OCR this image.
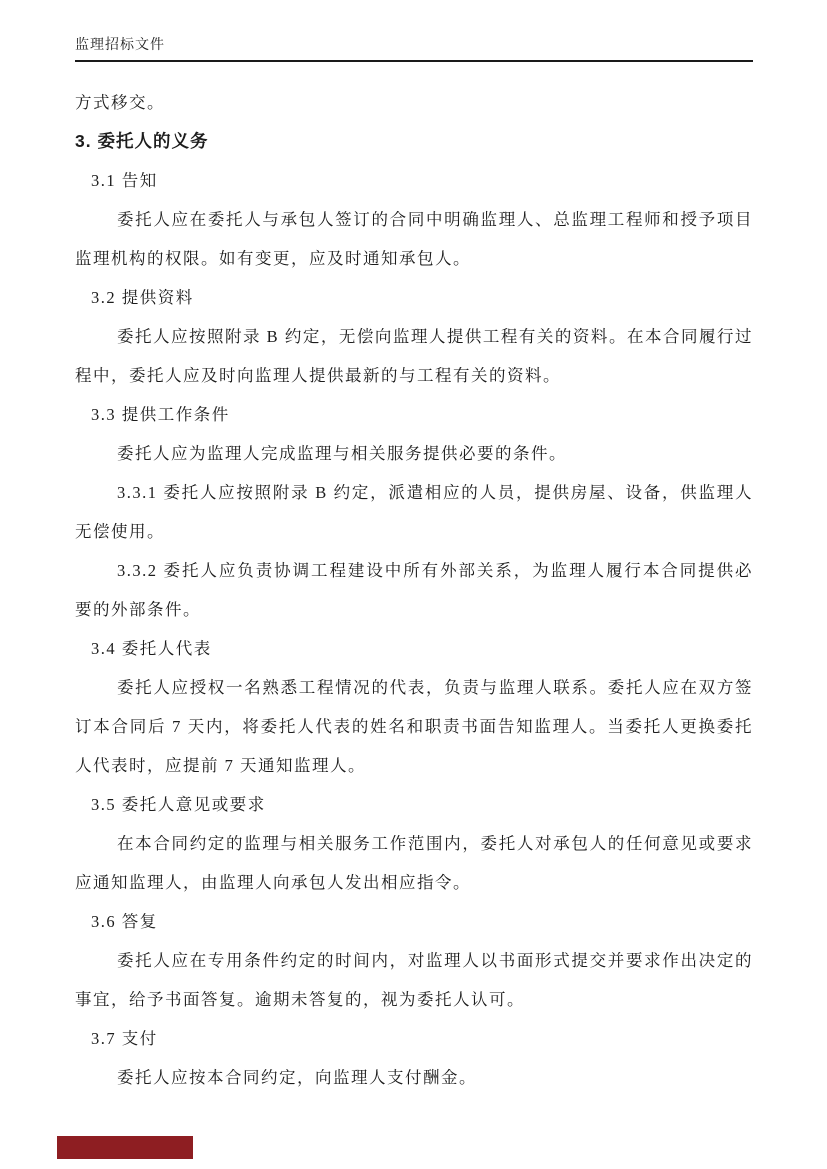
监理招标文件
方式移交。
3. 委托人的义务
3.1 告知
委托人应在委托人与承包人签订的合同中明确监理人、总监理工程师和授予项目监理机构的权限。如有变更，应及时通知承包人。
3.2 提供资料
委托人应按照附录 B 约定，无偿向监理人提供工程有关的资料。在本合同履行过程中，委托人应及时向监理人提供最新的与工程有关的资料。
3.3 提供工作条件
委托人应为监理人完成监理与相关服务提供必要的条件。
3.3.1 委托人应按照附录 B 约定，派遣相应的人员，提供房屋、设备，供监理人无偿使用。
3.3.2 委托人应负责协调工程建设中所有外部关系，为监理人履行本合同提供必要的外部条件。
3.4 委托人代表
委托人应授权一名熟悉工程情况的代表，负责与监理人联系。委托人应在双方签订本合同后 7 天内，将委托人代表的姓名和职责书面告知监理人。当委托人更换委托人代表时，应提前 7 天通知监理人。
3.5 委托人意见或要求
在本合同约定的监理与相关服务工作范围内，委托人对承包人的任何意见或要求应通知监理人，由监理人向承包人发出相应指令。
3.6 答复
委托人应在专用条件约定的时间内，对监理人以书面形式提交并要求作出决定的事宜，给予书面答复。逾期未答复的，视为委托人认可。
3.7 支付
委托人应按本合同约定，向监理人支付酬金。
